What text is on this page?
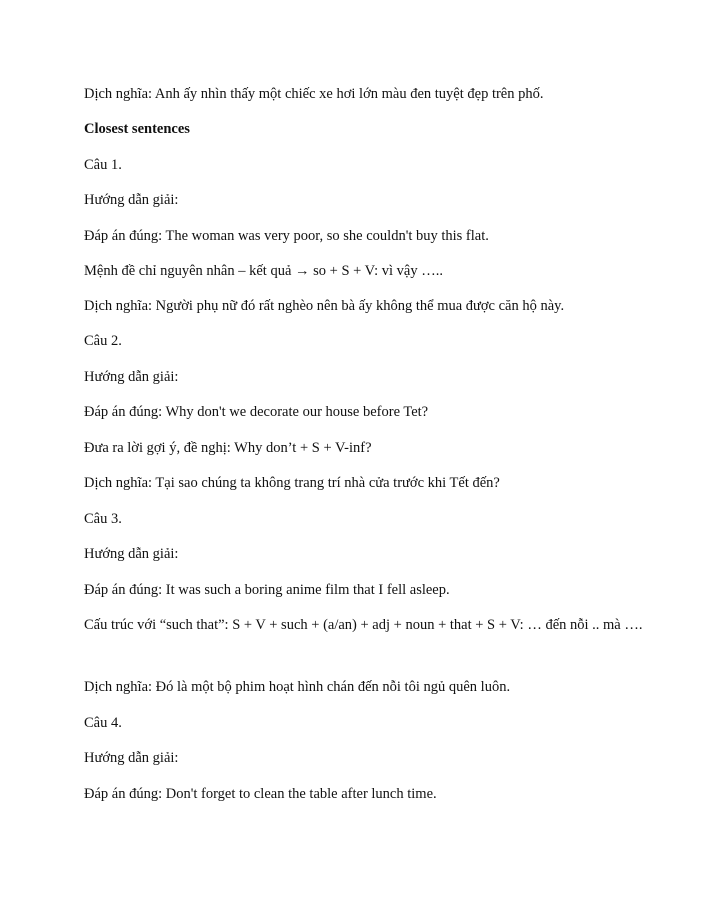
Dịch nghĩa: Anh ấy nhìn thấy một chiếc xe hơi lớn màu đen tuyệt đẹp trên phố.

Closest sentences

Câu 1.

Hướng dẫn giải:

Đáp án đúng: The woman was very poor, so she couldn't buy this flat.

Mệnh đề chỉ nguyên nhân – kết quả → so + S + V: vì vậy …..

Dịch nghĩa: Người phụ nữ đó rất nghèo nên bà ấy không thể mua được căn hộ này.

Câu 2.

Hướng dẫn giải:

Đáp án đúng: Why don't we decorate our house before Tet?

Đưa ra lời gợi ý, đề nghị: Why don’t + S + V-inf?

Dịch nghĩa: Tại sao chúng ta không trang trí nhà cửa trước khi Tết đến?

Câu 3.

Hướng dẫn giải:

Đáp án đúng: It was such a boring anime film that I fell asleep.

Cấu trúc với “such that”: S + V + such + (a/an) + adj + noun + that + S + V: … đến nỗi .. mà ….

Dịch nghĩa: Đó là một bộ phim hoạt hình chán đến nỗi tôi ngủ quên luôn.

Câu 4.

Hướng dẫn giải:

Đáp án đúng: Don't forget to clean the table after lunch time.
